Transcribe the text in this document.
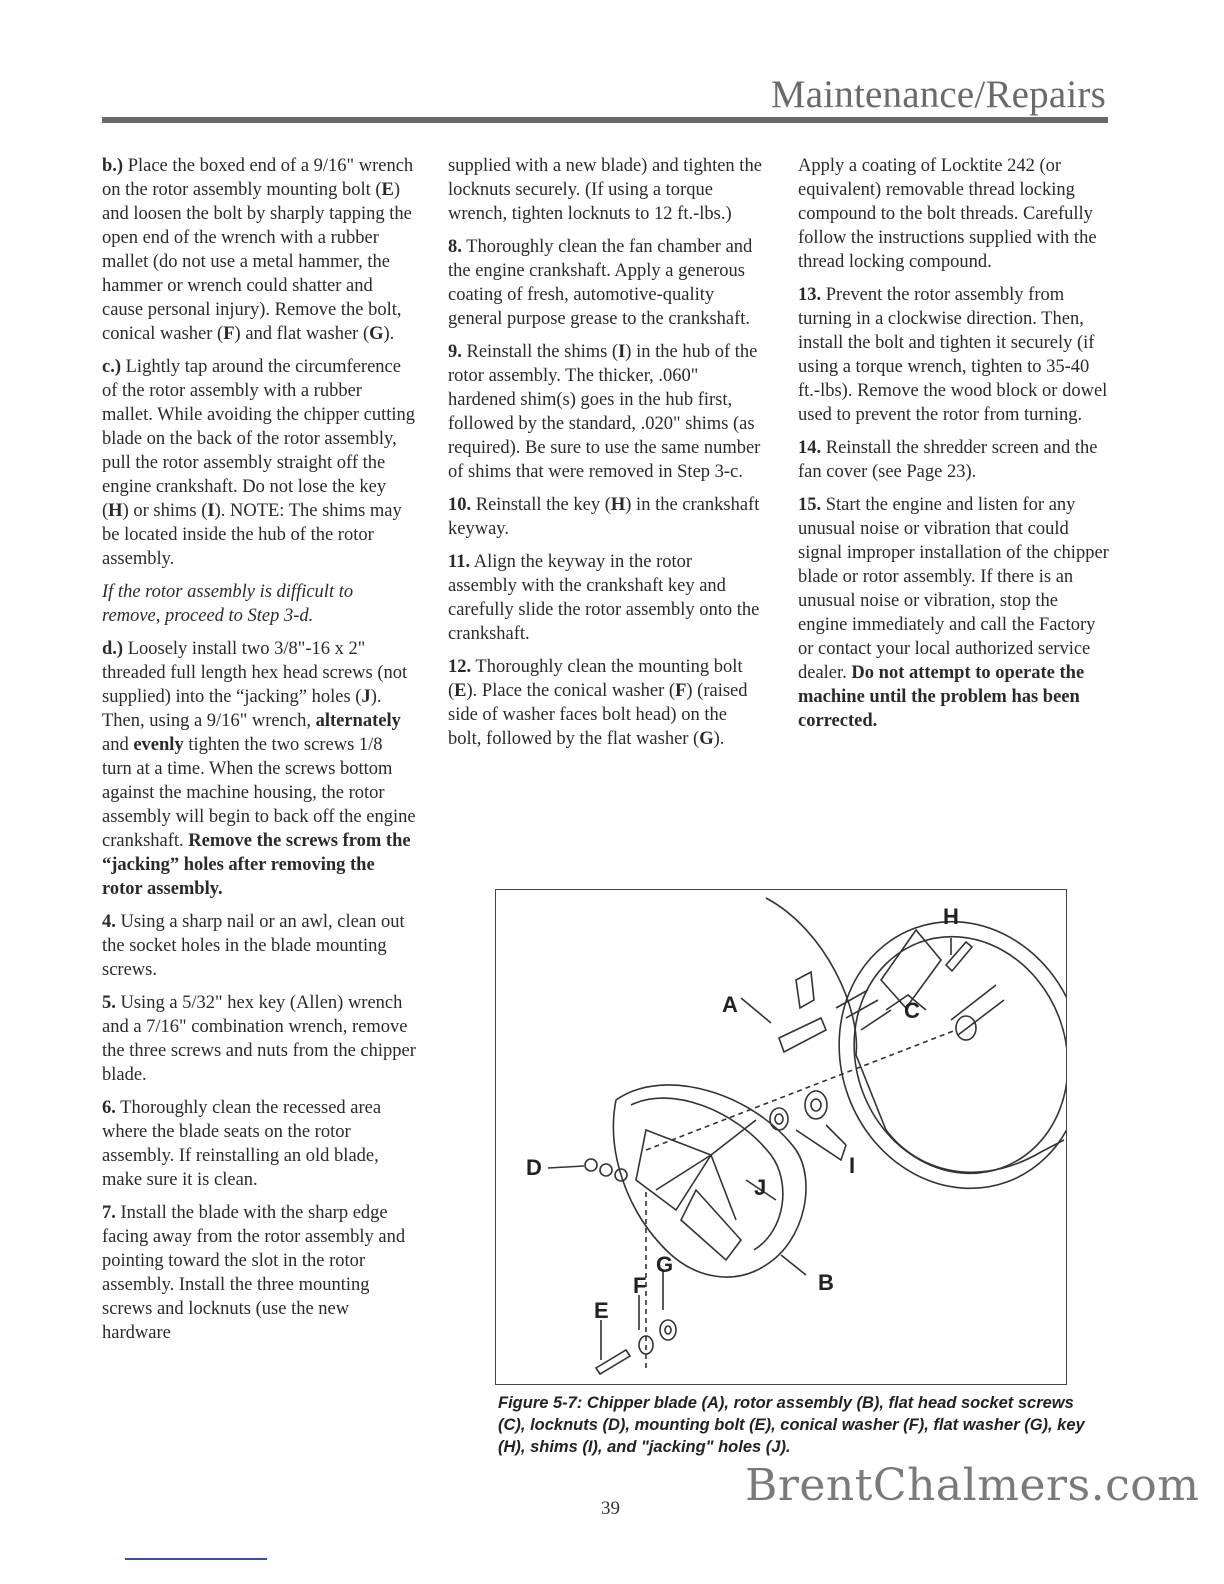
Maintenance/Repairs

b.) Place the boxed end of a 9/16" wrench on the rotor assembly mounting bolt (E) and loosen the bolt by sharply tapping the open end of the wrench with a rubber mallet (do not use a metal hammer, the hammer or wrench could shatter and cause personal injury). Remove the bolt, conical washer (F) and flat washer (G).

c.) Lightly tap around the circumference of the rotor assembly with a rubber mallet. While avoiding the chipper cutting blade on the back of the rotor assembly, pull the rotor assembly straight off the engine crankshaft. Do not lose the key (H) or shims (I). NOTE: The shims may be located inside the hub of the rotor assembly.

If the rotor assembly is difficult to remove, proceed to Step 3-d.

d.) Loosely install two 3/8"-16 x 2" threaded full length hex head screws (not supplied) into the “jacking” holes (J). Then, using a 9/16" wrench, alternately and evenly tighten the two screws 1/8 turn at a time. When the screws bottom against the machine housing, the rotor assembly will begin to back off the engine crankshaft. Remove the screws from the “jacking” holes after removing the rotor assembly.

4. Using a sharp nail or an awl, clean out the socket holes in the blade mounting screws.

5. Using a 5/32" hex key (Allen) wrench and a 7/16" combination wrench, remove the three screws and nuts from the chipper blade.

6. Thoroughly clean the recessed area where the blade seats on the rotor assembly. If reinstalling an old blade, make sure it is clean.

7. Install the blade with the sharp edge facing away from the rotor assembly and pointing toward the slot in the rotor assembly. Install the three mounting screws and locknuts (use the new hardware

supplied with a new blade) and tighten the locknuts securely. (If using a torque wrench, tighten locknuts to 12 ft.-lbs.)

8. Thoroughly clean the fan chamber and the engine crankshaft. Apply a generous coating of fresh, automotive-quality general purpose grease to the crankshaft.

9. Reinstall the shims (I) in the hub of the rotor assembly. The thicker, .060" hardened shim(s) goes in the hub first, followed by the standard, .020" shims (as required). Be sure to use the same number of shims that were removed in Step 3-c.

10. Reinstall the key (H) in the crankshaft keyway.

11. Align the keyway in the rotor assembly with the crankshaft key and carefully slide the rotor assembly onto the crankshaft.

12. Thoroughly clean the mounting bolt (E). Place the conical washer (F) (raised side of washer faces bolt head) on the bolt, followed by the flat washer (G).

Apply a coating of Locktite 242 (or equivalent) removable thread locking compound to the bolt threads. Carefully follow the instructions supplied with the thread locking compound.

13. Prevent the rotor assembly from turning in a clockwise direction. Then, install the bolt and tighten it securely (if using a torque wrench, tighten to 35-40 ft.-lbs). Remove the wood block or dowel used to prevent the rotor from turning.

14. Reinstall the shredder screen and the fan cover (see Page 23).

15. Start the engine and listen for any unusual noise or vibration that could signal improper installation of the chipper blade or rotor assembly. If there is an unusual noise or vibration, stop the engine immediately and call the Factory or contact your local authorized service dealer. Do not attempt to operate the machine until the problem has been corrected.

A
B
C
D
E
F
G
H
I
J
Figure 5-7: Chipper blade (A), rotor assembly (B), flat head socket screws (C), locknuts (D), mounting bolt (E), conical washer (F), flat washer (G), key (H), shims (I), and "jacking" holes (J).
BrentChalmers.com
39
